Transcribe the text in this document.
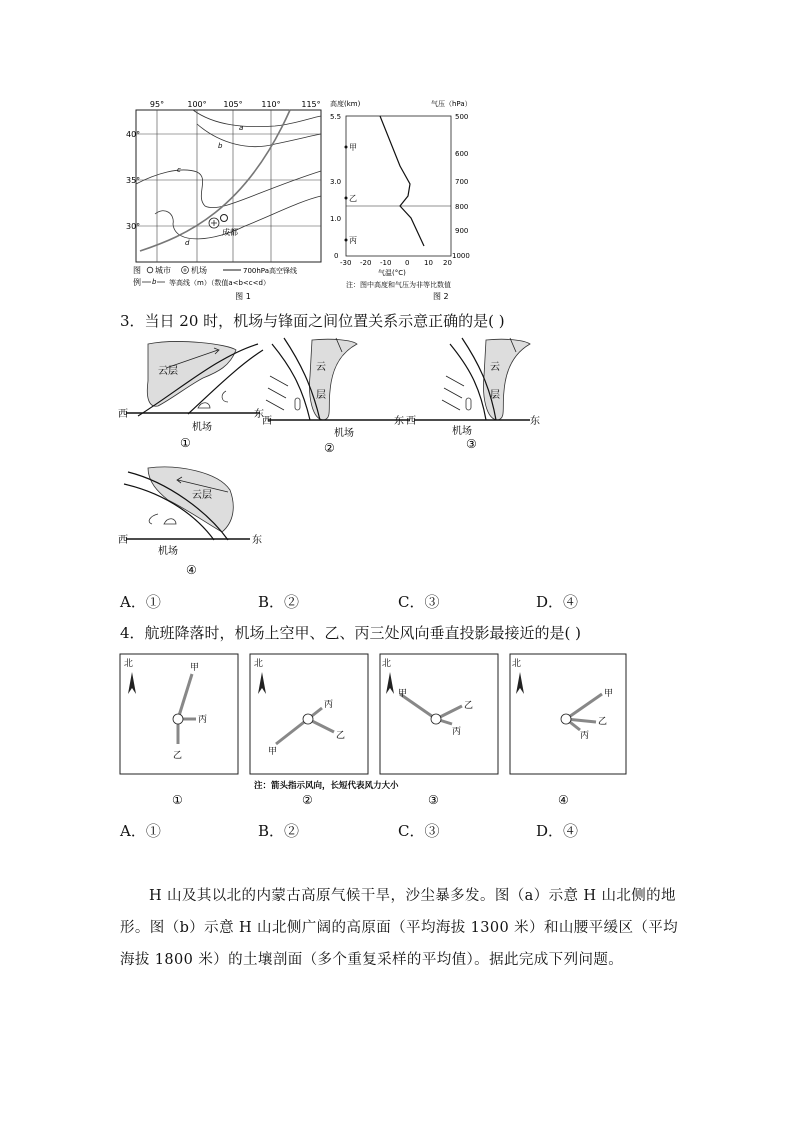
95°	100° 105° 110°	115°
40°
35°
30°
a
b
c
d
成都
图
例
城市	机场	700hPa高空锋线
b 等高线（m）（数值a<b<c<d）
图 1
高度(km)	气压（hPa）
5.5
3.0
1.0
0
500
600
700
800
900
1000
甲
乙
丙
-30 -20 -10 0 10 20
气温(°C)
注：图中高度和气压为非等比数值
图 2
3．当日 20 时，机场与锋面之间位置关系示意正确的是( )
云层
西	东
机场
①
云
层
西	东
机场
②
云
层
西	东
机场
③
云层
西	东
机场
④
A．①	B．②	C．③	D．④
4．航班降落时，机场上空甲、乙、丙三处风向垂直投影最接近的是( )
北	甲
丙
乙
北
甲
丙
乙
北
甲
乙
丙
北
甲
乙
丙
注：箭头指示风向，长短代表风力大小
①	②	③	④
A．①	B．②	C．③	D．④
H 山及其以北的内蒙古高原气候干旱，沙尘暴多发。图（a）示意 H 山北侧的地形。图（b）示意 H 山北侧广阔的高原面（平均海拔 1300 米）和山腰平缓区（平均海拔 1800 米）的土壤剖面（多个重复采样的平均值）。据此完成下列问题。
